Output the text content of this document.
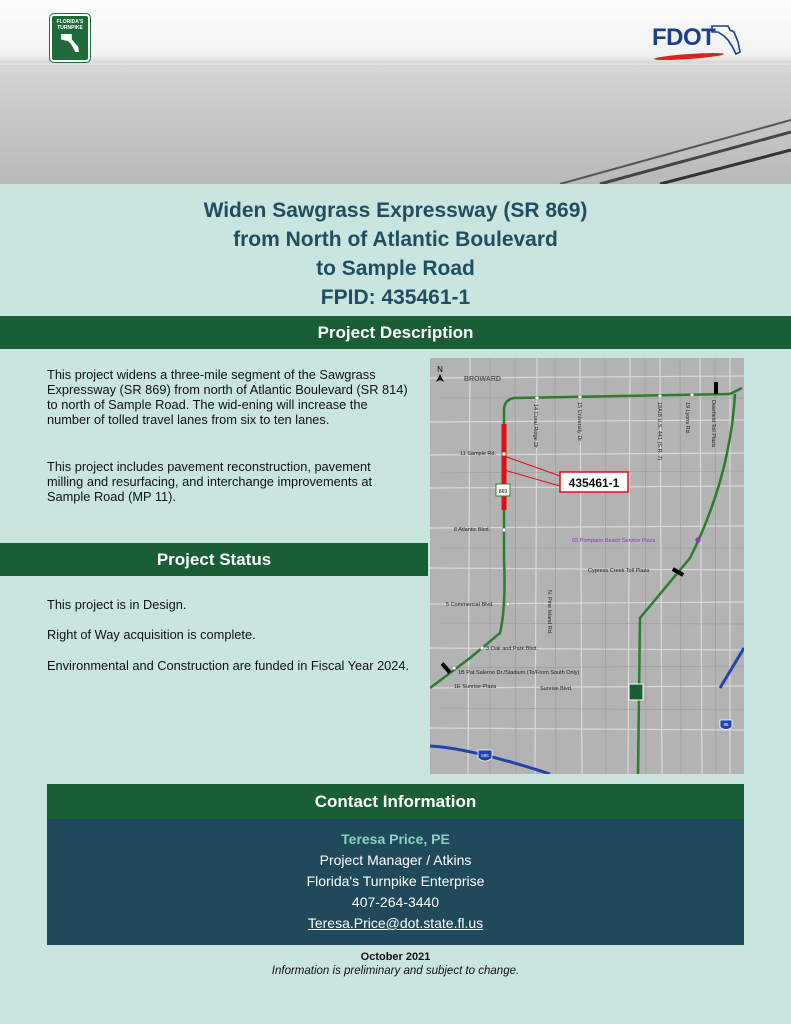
FLORIDA'S TURNPIKE	FDOT
Widen Sawgrass Expressway (SR 869)
from North of Atlantic Boulevard
to Sample Road
FPID: 435461-1
Project Description
This project widens a three-mile segment of the Sawgrass Expressway (SR 869) from north of Atlantic Boulevard (SR 814) to north of Sample Road. The wid-ening will increase the number of tolled travel lanes from six to ten lanes.
This project includes pavement reconstruction, pavement milling and resurfacing, and interchange improvements at Sample Road (MP 11).
Project Status
This project is in Design.
Right of Way acquisition is complete.
Environmental and Construction are funded in Fiscal Year 2024.
435461-1
N
BROWARD
869
595
95
11 Sample Rd.
8 Atlantic Blvd.
5 Commercial Blvd.
3 Oak and Park Blvd.
1B Pat Salerno Dr./Stadium (To/From South Only)
1E Sunrise Plaza	Sunrise Blvd.
Cypress Creek Toll Plaza
65 Pompano Beach Service Plaza
14 Coral Ridge Dr.	15 University Dr.	18A/B U.S. 441 (S.R. 7)	19 Lyons Rd.	Deerfield Toll Plaza
N. Pine Island Rd.
Contact Information
Teresa Price, PE
Project Manager / Atkins
Florida's Turnpike Enterprise
407-264-3440
Teresa.Price@dot.state.fl.us
October 2021
Information is preliminary and subject to change.
